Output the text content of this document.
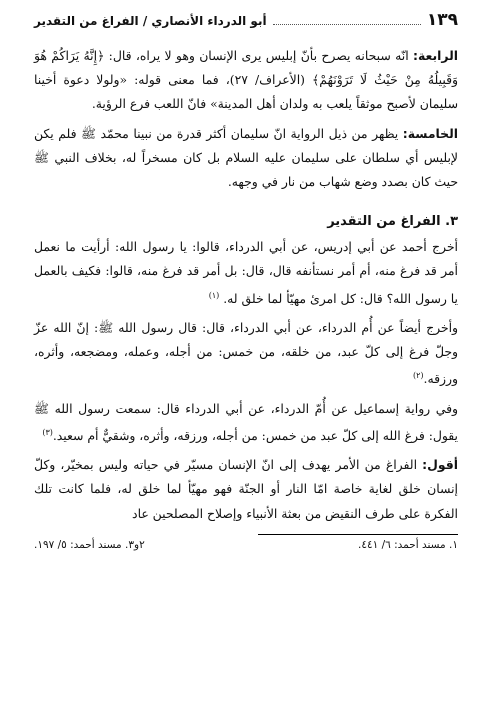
١٣٩
أبو الدرداء الأنصاري / الفراغ من التقدير

الرابعة: انّه سبحانه يصرح بأنّ إبليس يرى الإنسان وهو لا يراه، قال: ﴿إِنَّهُ يَرَاكُمْ هُوَ وَقَبِيلُهُ مِنْ حَيْثُ لَا تَرَوْنَهُمْ﴾ (الأعراف/ ٢٧)، فما معنى قوله: «ولولا دعوة أخينا سليمان لأصبح موثقاً يلعب به ولدان أهل المدينة» فانّ اللعب فرع الرؤية.

الخامسة: يظهر من ذيل الرواية انّ سليمان أكثر قدرة من نبينا محمّد ﷺ فلم يكن لإبليس أي سلطان على سليمان عليه السلام بل كان مسخراً له، بخلاف النبي ﷺ حيث كان بصدد وضع شهاب من نار في وجهه.

٣. الفراغ من التقدير

أخرج أحمد عن أبي إدريس، عن أبي الدرداء، قالوا: يا رسول الله: أرأيت ما نعمل أمر قد فرغ منه، أم أمر نستأنفه قال، قال: بل أمر قد فرغ منه، قالوا: فكيف بالعمل يا رسول الله؟ قال: كل امرئ مهيّأ لما خلق له. $^{(١)}$

وأخرج أيضاً عن أُم الدرداء، عن أبي الدرداء، قال: قال رسول الله ﷺ: إنّ الله عزّ وجلّ فرغ إلى كلّ عبد، من خلقه، من خمس: من أجله، وعمله، ومضجعه، وأثره، ورزقه.$^{(٢)}$

وفي رواية إسماعيل عن أُمّ الدرداء، عن أبي الدرداء قال: سمعت رسول الله ﷺ يقول: فرغ الله إلى كلّ عبد من خمس: من أجله، ورزقه، وأثره، وشقيٌّ أم سعيد.$^{(٣)}$

أقول: الفراغ من الأمر يهدف إلى انّ الإنسان مسيّر في حياته وليس بمخيّر، وكلّ إنسان خلق لغاية خاصة امّا النار أو الجنّة فهو مهيّأ لما خلق له، فلما كانت تلك الفكرة على طرف النقيض من بعثة الأنبياء وإصلاح المصلحين عاد

١. مسند أحمد: ٦/ ٤٤١.
٢و٣. مسند أحمد: ٥/ ١٩٧.
